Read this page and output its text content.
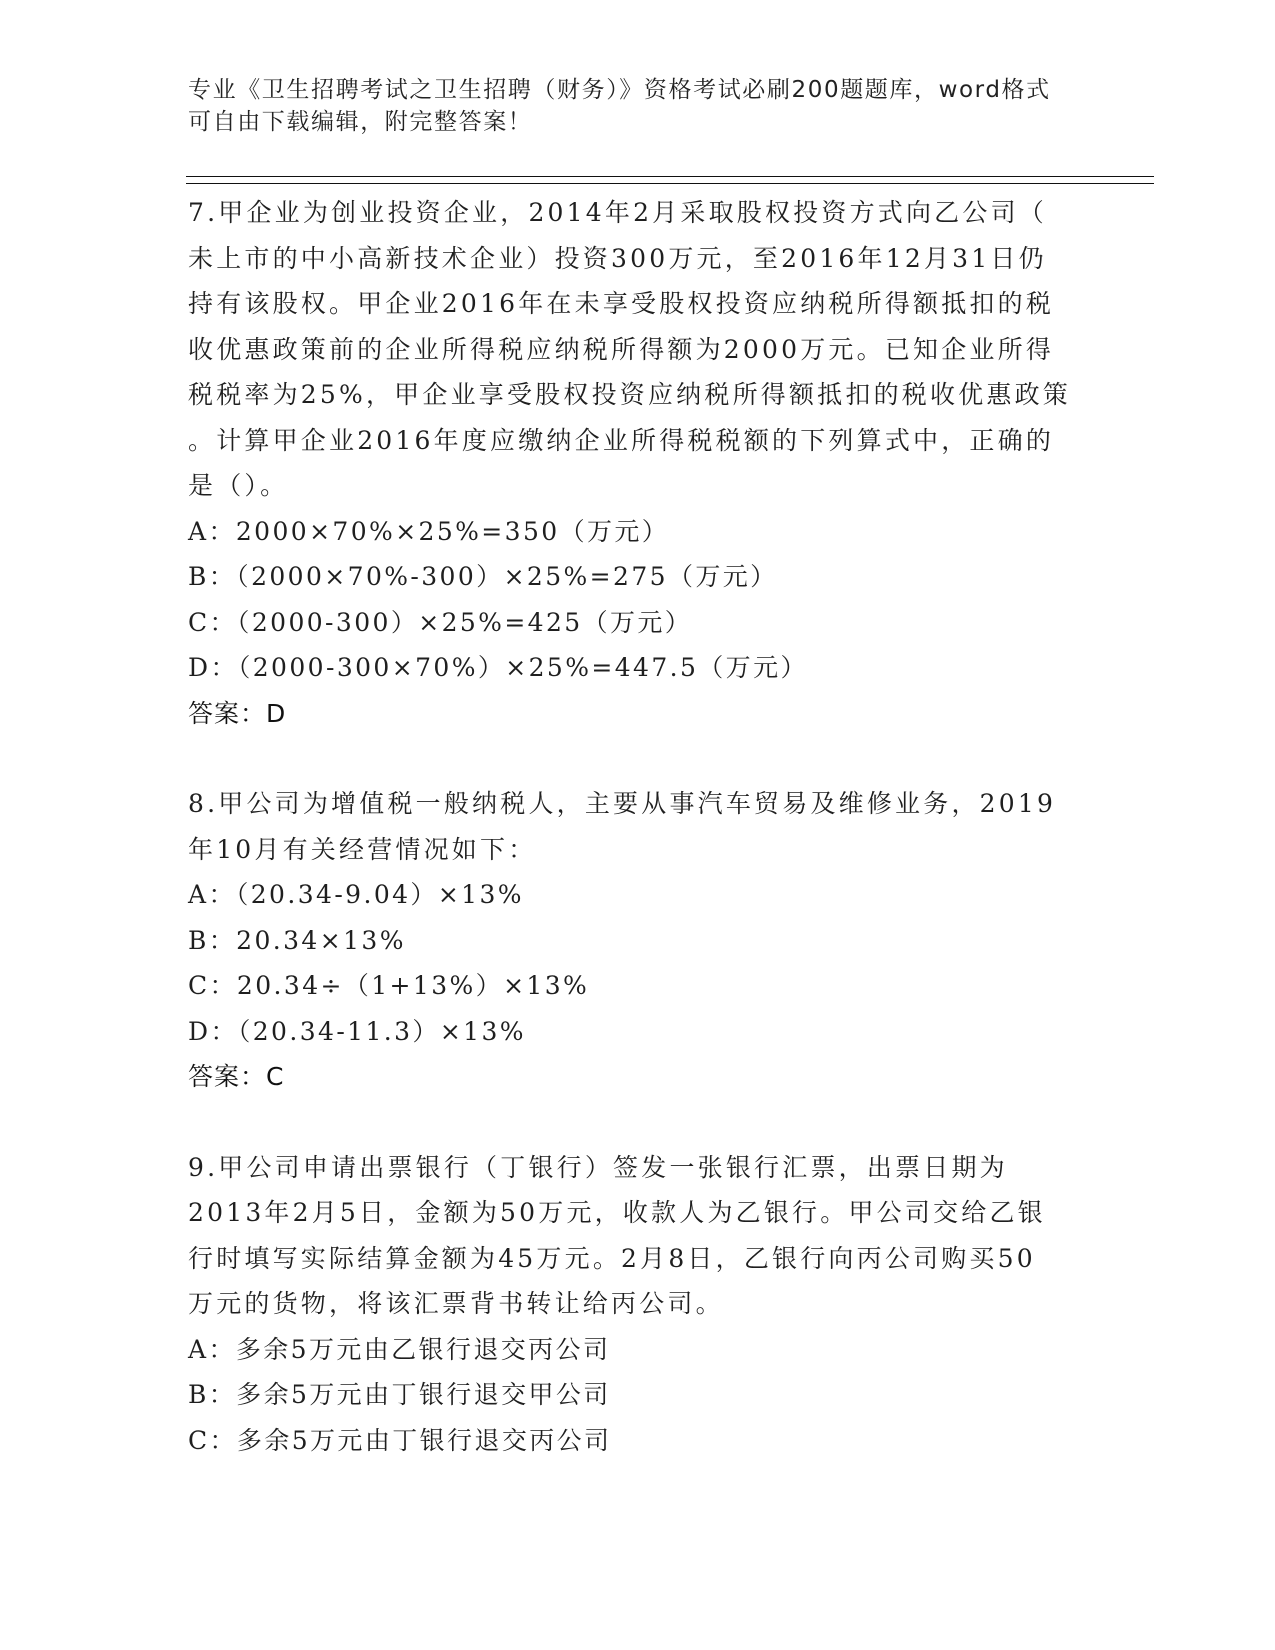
专业《卫生招聘考试之卫生招聘（财务）》资格考试必刷200题题库，word格式
可自由下载编辑，附完整答案！

7.甲企业为创业投资企业，2014年2月采取股权投资方式向乙公司（

未上市的中小高新技术企业）投资300万元，至2016年12月31日仍

持有该股权。甲企业2016年在未享受股权投资应纳税所得额抵扣的税

收优惠政策前的企业所得税应纳税所得额为2000万元。已知企业所得

税税率为25%，甲企业享受股权投资应纳税所得额抵扣的税收优惠政策

。计算甲企业2016年度应缴纳企业所得税税额的下列算式中，正确的

是（）。

A：2000×70%×25%=350（万元）

B：（2000×70%-300）×25%=275（万元）

C：（2000-300）×25%=425（万元）

D：（2000-300×70%）×25%=447.5（万元）

答案：D

8.甲公司为增值税一般纳税人，主要从事汽车贸易及维修业务，2019

年10月有关经营情况如下：

A：（20.34-9.04）×13%

B：20.34×13%

C：20.34÷（1+13%）×13%

D：（20.34-11.3）×13%

答案：C

9.甲公司申请出票银行（丁银行）签发一张银行汇票，出票日期为

2013年2月5日，金额为50万元，收款人为乙银行。甲公司交给乙银

行时填写实际结算金额为45万元。2月8日，乙银行向丙公司购买50

万元的货物，将该汇票背书转让给丙公司。

A：多余5万元由乙银行退交丙公司

B：多余5万元由丁银行退交甲公司

C：多余5万元由丁银行退交丙公司
